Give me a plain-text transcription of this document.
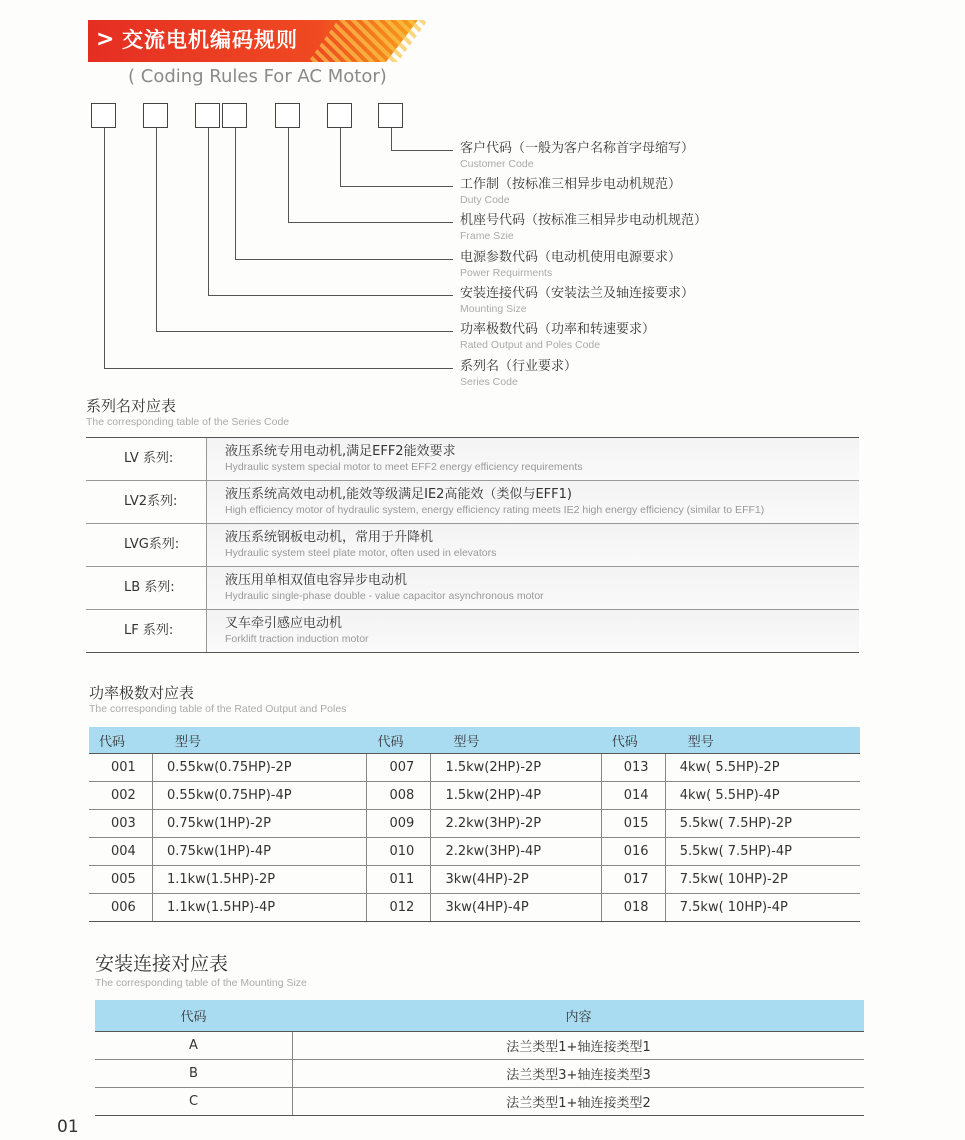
> 交流电机编码规则
( Coding Rules For AC Motor)
客户代码（一般为客户名称首字母缩写）
Customer Code
工作制（按标准三相异步电动机规范）
Duty Code
机座号代码（按标准三相异步电动机规范）
Frame Szie
电源参数代码（电动机使用电源要求）
Power Requirments
安装连接代码（安装法兰及轴连接要求）
Mounting Size
功率极数代码（功率和转速要求）
Rated Output and Poles Code
系列名（行业要求）
Series Code
系列名对应表
The corresponding table of the Series Code
LV 系列:	液压系统专用电动机,满足EFF2能效要求
Hydraulic system special motor to meet EFF2 energy efficiency requirements
LV2系列:	液压系统高效电动机,能效等级满足IE2高能效（类似与EFF1)
High efficiency motor of hydraulic system, energy efficiency rating meets IE2 high energy efficiency (similar to EFF1)
LVG系列:	液压系统钢板电动机，常用于升降机
Hydraulic system steel plate motor, often used in elevators
LB 系列:	液压用单相双值电容异步电动机
Hydraulic single-phase double - value capacitor asynchronous motor
LF 系列:	叉车牵引感应电动机
Forklift traction induction motor
功率极数对应表
The corresponding table of the Rated Output and Poles
代码	型号	代码	型号	代码	型号
001	0.55kw(0.75HP)-2P	007	1.5kw(2HP)-2P	013	4kw( 5.5HP)-2P
002	0.55kw(0.75HP)-4P	008	1.5kw(2HP)-4P	014	4kw( 5.5HP)-4P
003	0.75kw(1HP)-2P	009	2.2kw(3HP)-2P	015	5.5kw( 7.5HP)-2P
004	0.75kw(1HP)-4P	010	2.2kw(3HP)-4P	016	5.5kw( 7.5HP)-4P
005	1.1kw(1.5HP)-2P	011	3kw(4HP)-2P	017	7.5kw( 10HP)-2P
006	1.1kw(1.5HP)-4P	012	3kw(4HP)-4P	018	7.5kw( 10HP)-4P
安装连接对应表
The corresponding table of the Mounting Size
代码	内容
A	法兰类型1+轴连接类型1
B	法兰类型3+轴连接类型3
C	法兰类型1+轴连接类型2
01
